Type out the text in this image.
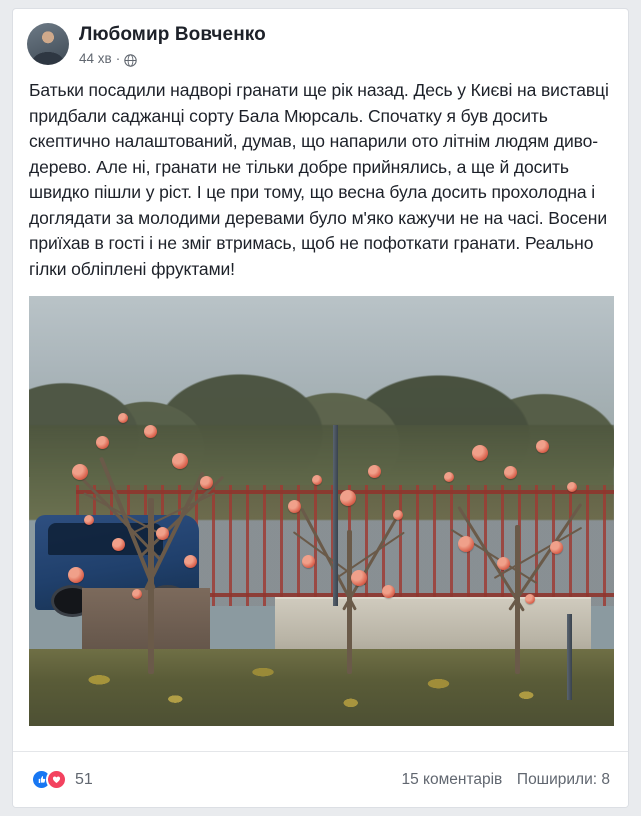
Любомир Вовченко
44 хв ·
Батьки посадили надворі гранати ще рік назад. Десь у Києві на виставці придбали саджанці сорту Бала Мюрсаль. Спочатку я був досить скептично налаштований, думав, що напарили ото літнім людям диво-дерево. Але ні, гранати не тільки добре прийнялись, а ще й досить швидко пішли у ріст. І це при тому, що весна була досить прохолодна і доглядати за молодими деревами було м'яко кажучи не на часі. Восени приїхав в гості і не зміг втримась, щоб не пофоткати гранати. Реально гілки обліплені фруктами!
51	15 коментарів Поширили: 8
